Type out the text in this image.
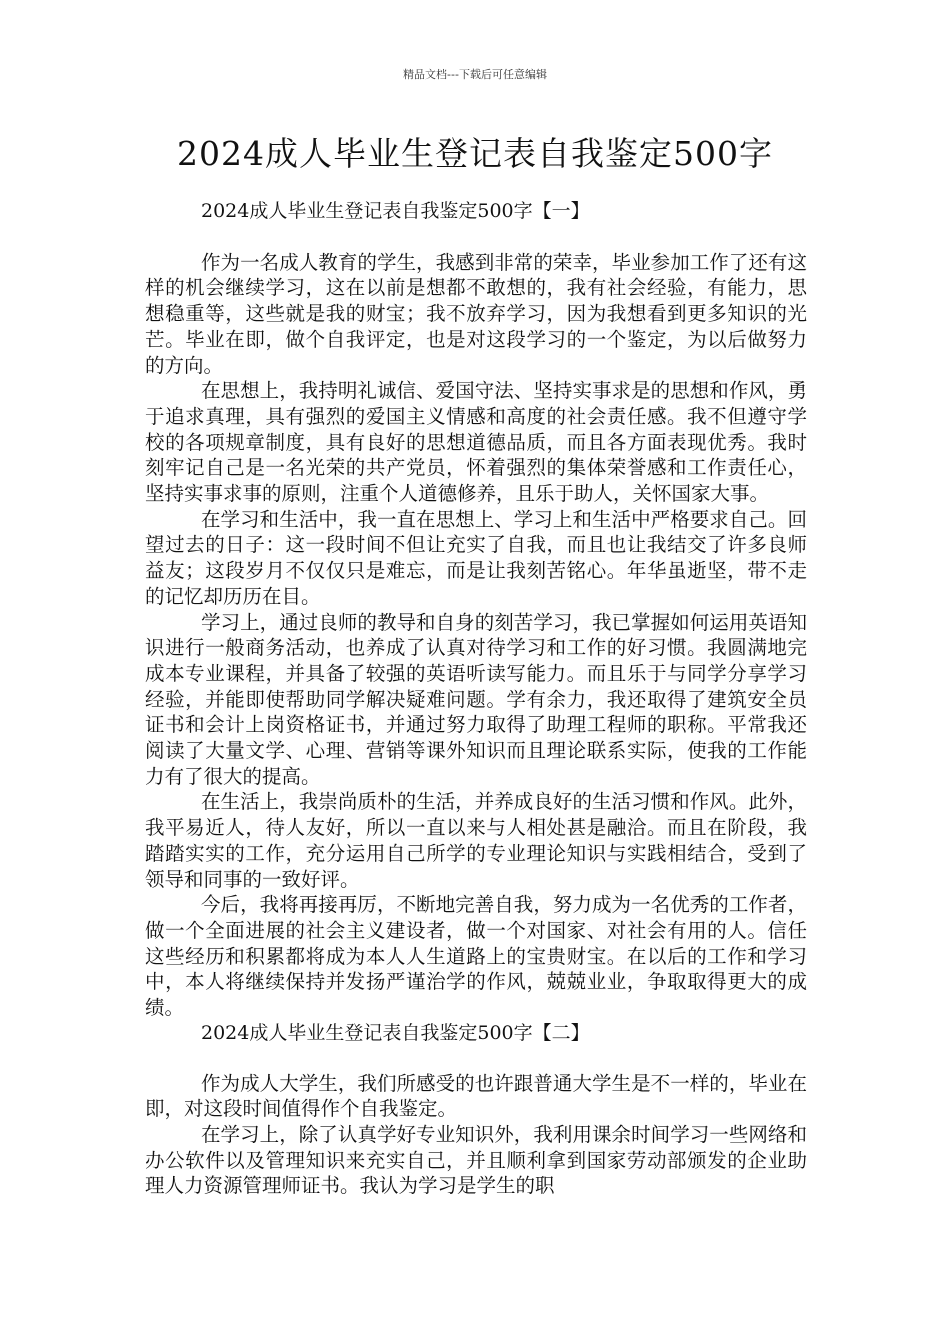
精品文档---下载后可任意编辑
2024成人毕业生登记表自我鉴定500字

2024成人毕业生登记表自我鉴定500字【一】

作为一名成人教育的学生，我感到非常的荣幸，毕业参加工作了还有这样的机会继续学习，这在以前是想都不敢想的，我有社会经验，有能力，思想稳重等，这些就是我的财宝；我不放弃学习，因为我想看到更多知识的光芒。毕业在即，做个自我评定，也是对这段学习的一个鉴定，为以后做努力的方向。

在思想上，我持明礼诚信、爱国守法、坚持实事求是的思想和作风，勇于追求真理，具有强烈的爱国主义情感和高度的社会责任感。我不但遵守学校的各项规章制度，具有良好的思想道德品质，而且各方面表现优秀。我时刻牢记自己是一名光荣的共产党员，怀着强烈的集体荣誉感和工作责任心，坚持实事求事的原则，注重个人道德修养，且乐于助人，关怀国家大事。

在学习和生活中，我一直在思想上、学习上和生活中严格要求自己。回望过去的日子：这一段时间不但让充实了自我，而且也让我结交了许多良师益友；这段岁月不仅仅只是难忘，而是让我刻苦铭心。年华虽逝坚，带不走的记忆却历历在目。

学习上，通过良师的教导和自身的刻苦学习，我已掌握如何运用英语知识进行一般商务活动，也养成了认真对待学习和工作的好习惯。我圆满地完成本专业课程，并具备了较强的英语听读写能力。而且乐于与同学分享学习经验，并能即使帮助同学解决疑难问题。学有余力，我还取得了建筑安全员证书和会计上岗资格证书，并通过努力取得了助理工程师的职称。平常我还阅读了大量文学、心理、营销等课外知识而且理论联系实际，使我的工作能力有了很大的提高。

在生活上，我崇尚质朴的生活，并养成良好的生活习惯和作风。此外，我平易近人，待人友好，所以一直以来与人相处甚是融洽。而且在阶段，我踏踏实实的工作，充分运用自己所学的专业理论知识与实践相结合，受到了领导和同事的一致好评。

今后，我将再接再厉，不断地完善自我，努力成为一名优秀的工作者，做一个全面进展的社会主义建设者，做一个对国家、对社会有用的人。信任这些经历和积累都将成为本人人生道路上的宝贵财宝。在以后的工作和学习中，本人将继续保持并发扬严谨治学的作风，兢兢业业，争取取得更大的成绩。

2024成人毕业生登记表自我鉴定500字【二】

作为成人大学生，我们所感受的也许跟普通大学生是不一样的，毕业在即，对这段时间值得作个自我鉴定。

在学习上，除了认真学好专业知识外，我利用课余时间学习一些网络和办公软件以及管理知识来充实自己，并且顺利拿到国家劳动部颁发的企业助理人力资源管理师证书。我认为学习是学生的职
